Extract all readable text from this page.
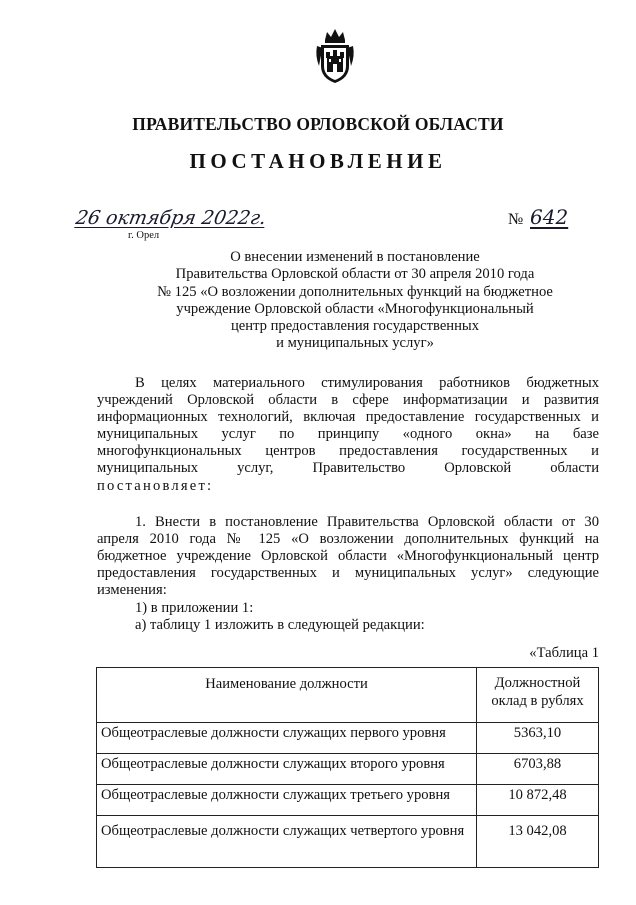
ПРАВИТЕЛЬСТВО ОРЛОВСКОЙ ОБЛАСТИ
ПОСТАНОВЛЕНИЕ
26 октября 2022г.
г. Орел
№ 642
О внесении изменений в постановление
Правительства Орловской области от 30 апреля 2010 года
№ 125 «О возложении дополнительных функций на бюджетное
учреждение Орловской области «Многофункциональный
центр предоставления государственных
и муниципальных услуг»
В целях материального стимулирования работников бюджетных учреждений Орловской области в сфере информатизации и развития информационных технологий, включая предоставление государственных и муниципальных услуг по принципу «одного окна» на базе многофункциональных центров предоставления государственных и муниципальных услуг, Правительство Орловской области
постановляет:
1. Внести в постановление Правительства Орловской области от 30 апреля 2010 года № 125 «О возложении дополнительных функций на бюджетное учреждение Орловской области «Многофункциональный центр предоставления государственных и муниципальных услуг» следующие изменения:
1) в приложении 1:
а) таблицу 1 изложить в следующей редакции:
«Таблица 1
Наименование должности	Должностной оклад в рублях
Общеотраслевые должности служащих первого уровня	5363,10
Общеотраслевые должности служащих второго уровня	6703,88
Общеотраслевые должности служащих третьего уровня	10 872,48
Общеотраслевые должности служащих четвертого уровня	13 042,08
